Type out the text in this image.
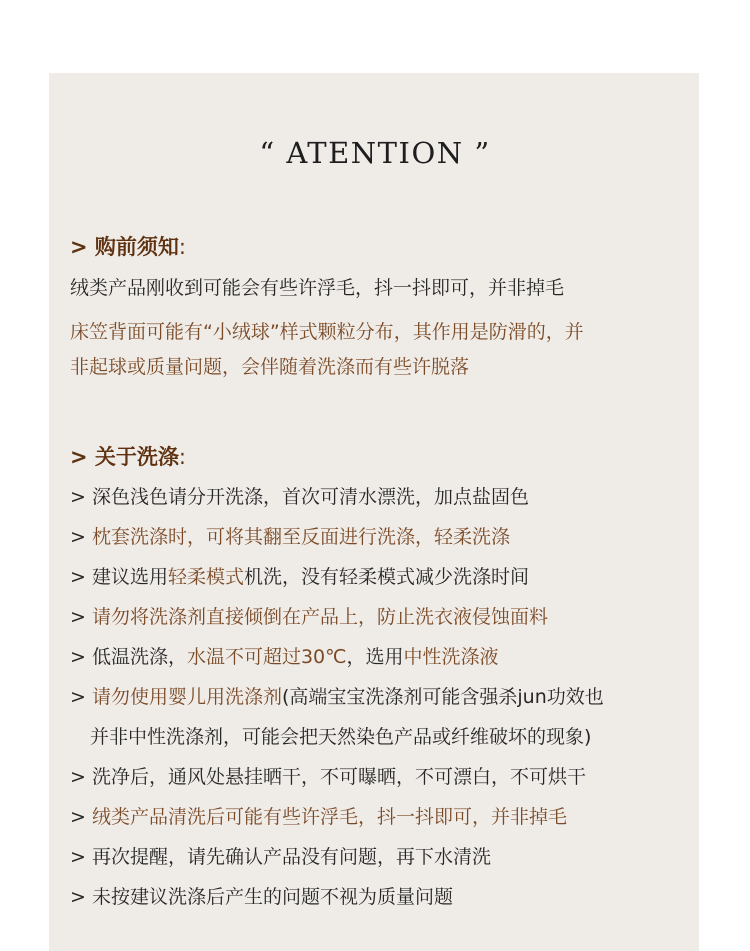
“ ATENTION ”
> 购前须知:
绒类产品刚收到可能会有些许浮毛，抖一抖即可，并非掉毛
床笠背面可能有“小绒球”样式颗粒分布，其作用是防滑的，并
非起球或质量问题，会伴随着洗涤而有些许脱落
> 关于洗涤:
> 深色浅色请分开洗涤，首次可清水漂洗，加点盐固色
> 枕套洗涤时，可将其翻至反面进行洗涤，轻柔洗涤
> 建议选用轻柔模式机洗，没有轻柔模式减少洗涤时间
> 请勿将洗涤剂直接倾倒在产品上，防止洗衣液侵蚀面料
> 低温洗涤，水温不可超过30℃，选用中性洗涤液
> 请勿使用婴儿用洗涤剂(高端宝宝洗涤剂可能含强杀jun功效也
并非中性洗涤剂，可能会把天然染色产品或纤维破坏的现象)
> 洗净后，通风处悬挂晒干，不可曝晒，不可漂白，不可烘干
> 绒类产品清洗后可能有些许浮毛，抖一抖即可，并非掉毛
> 再次提醒，请先确认产品没有问题，再下水清洗
> 未按建议洗涤后产生的问题不视为质量问题
